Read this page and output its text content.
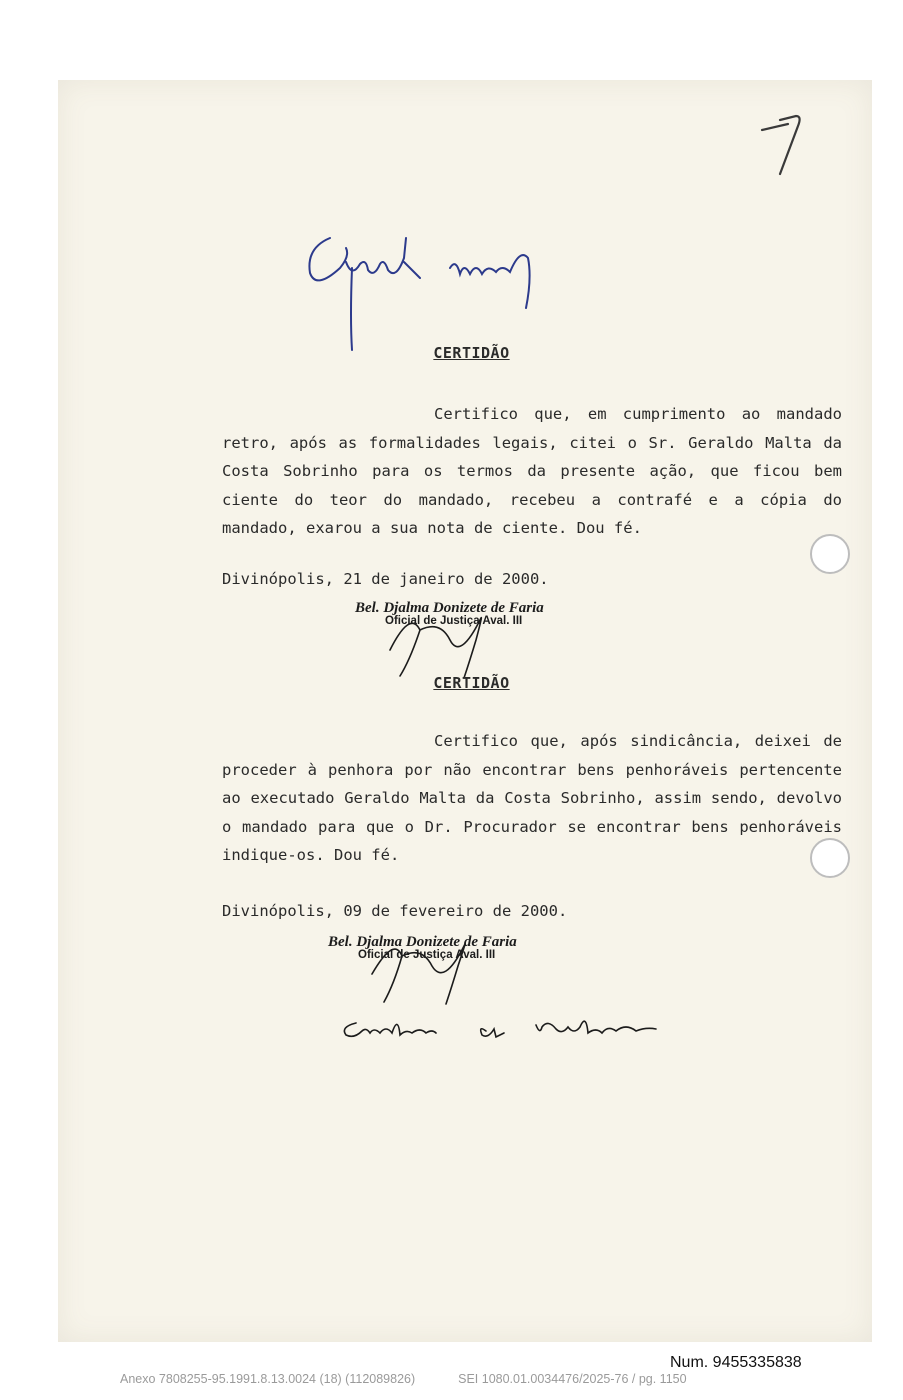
CERTIDÃO

Certifico que, em cumprimento ao mandado retro, após as formalidades legais, citei o Sr. Geraldo Malta da Costa Sobrinho para os termos da presente ação, que ficou bem ciente do teor do mandado, recebeu a contrafé e a cópia do mandado, exarou a sua nota de ciente. Dou fé.

Divinópolis, 21 de janeiro de 2000.
Bel. Djalma Donizete de Faria
Oficial de Justiça Aval. III
CERTIDÃO

Certifico que, após sindicância, deixei de proceder à penhora por não encontrar bens penhoráveis pertencente ao executado Geraldo Malta da Costa Sobrinho, assim sendo, devolvo o mandado para que o Dr. Procurador se encontrar bens penhoráveis indique-os. Dou fé.

Divinópolis, 09 de fevereiro de 2000.
Bel. Djalma Donizete de Faria
Oficial de Justiça Aval. III
Num. 9455335838
Anexo 7808255-95.1991.8.13.0024 (18) (112089826)	SEI 1080.01.0034476/2025-76 / pg. 1150
